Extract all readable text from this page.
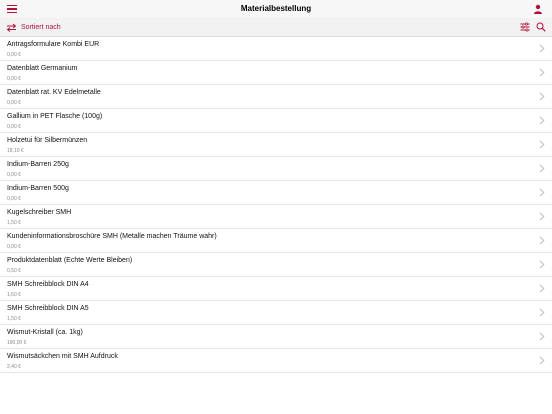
Materialbestellung
Sortiert nach
Antragsformulare Kombi EUR
0,00 €
Datenblatt Germanium
0,00 €
Datenblatt rat. KV Edelmetalle
0,00 €
Gallium in PET Flasche (100g)
0,00 €
Holzetui für Silbermünzen
18,10 €
Indium-Barren 250g
0,00 €
Indium-Barren 500g
0,00 €
Kugelschreiber SMH
1,50 €
Kundeninformationsbroschüre SMH (Metalle machen Träume wahr)
0,00 €
Produktdatenblatt (Echte Werte Bleiben)
0,50 €
SMH Schreibblock DIN A4
1,60 €
SMH Schreibblock DIN A5
1,50 €
Wismut-Kristall (ca. 1kg)
190,00 €
Wismutsäckchen mit SMH Aufdruck
2,40 €
